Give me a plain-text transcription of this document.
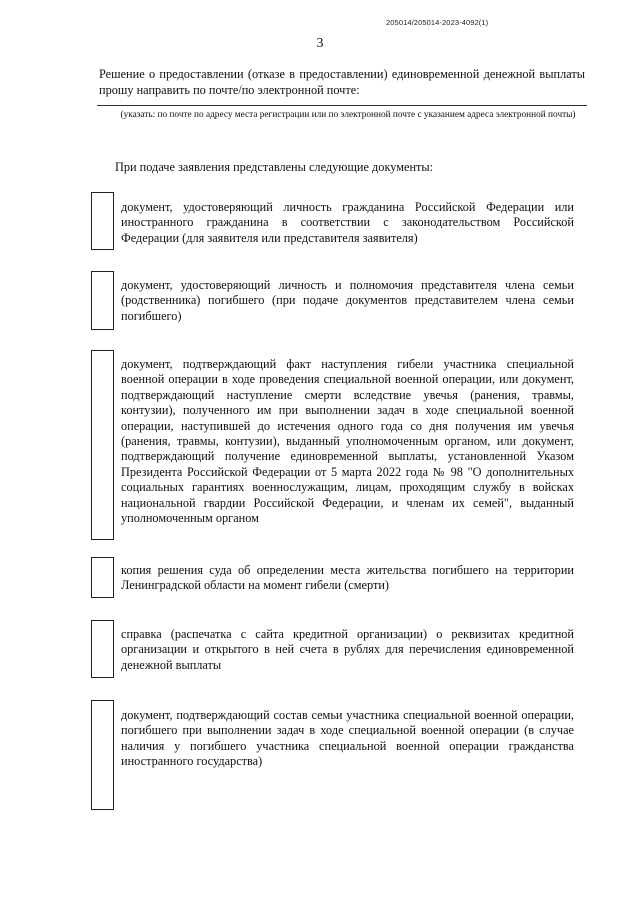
205014/205014-2023-4092(1)
3
Решение о предоставлении (отказе в предоставлении) единовременной денежной выплаты прошу направить по почте/по электронной почте:
(указать: по почте по адресу места регистрации или по электронной почте с указанием адреса электронной почты)
При подаче заявления представлены следующие документы:
документ, удостоверяющий личность гражданина Российской Федерации или иностранного гражданина в соответствии с законодательством Российской Федерации (для заявителя или представителя заявителя)
документ, удостоверяющий личность и полномочия представителя члена семьи (родственника) погибшего (при подаче документов представителем члена семьи погибшего)
документ, подтверждающий факт наступления гибели участника специальной военной операции в ходе проведения специальной военной операции, или документ, подтверждающий наступление смерти вследствие увечья (ранения, травмы, контузии), полученного им при выполнении задач в ходе специальной военной операции, наступившей до истечения одного года со дня получения им увечья (ранения, травмы, контузии), выданный уполномоченным органом, или документ, подтверждающий получение единовременной выплаты, установленной Указом Президента Российской Федерации от 5 марта 2022 года № 98 "О дополнительных социальных гарантиях военнослужащим, лицам, проходящим службу в войсках национальной гвардии Российской Федерации, и членам их семей", выданный уполномоченным органом
копия решения суда об определении места жительства погибшего на территории Ленинградской области на момент гибели (смерти)
справка (распечатка с сайта кредитной организации) о реквизитах кредитной организации и открытого в ней счета в рублях для перечисления единовременной денежной выплаты
документ, подтверждающий состав семьи участника специальной военной операции, погибшего при выполнении задач в ходе специальной военной операции (в случае наличия у погибшего участника специальной военной операции гражданства иностранного государства)
